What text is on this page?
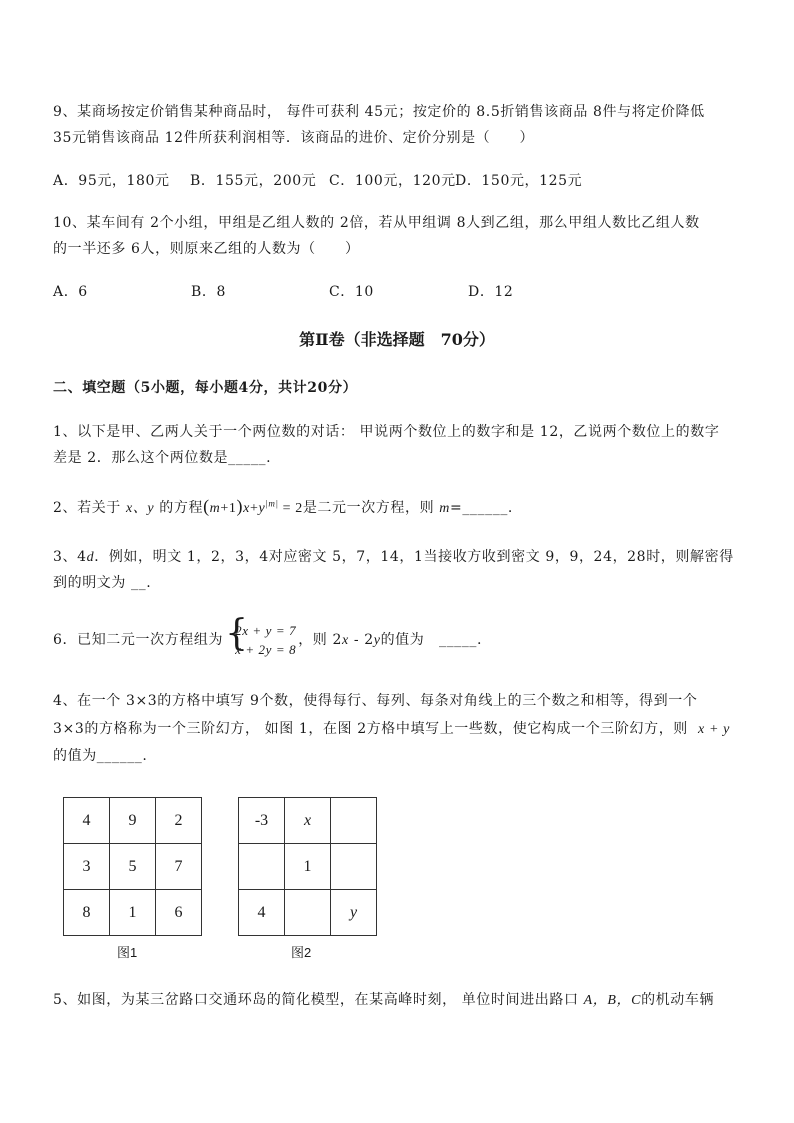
9、某商场按定价销售某种商品时， 每件可获利 45元；按定价的 8.5折销售该商品 8件与将定价降低
35元销售该商品 12件所获利润相等．该商品的进价、定价分别是（　　）
A．95元，180元 B．155元，200元 C．100元，120元D．150元，125元
10、某车间有 2个小组，甲组是乙组人数的 2倍，若从甲组调 8人到乙组，那么甲组人数比乙组人数
的一半还多 6人，则原来乙组的人数为（　　）
A．6	B．8	C．10	D．12
第Ⅱ卷（非选择题　70分）
二、填空题（5小题，每小题4分，共计20分）
1、以下是甲、乙两人关于一个两位数的对话： 甲说两个数位上的数字和是 12，乙说两个数位上的数字
差是 2．那么这个两位数是_____.
2、若关于 x、y 的方程$(m+1)x+y^{|m|} = 2$是二元一次方程，则 m=______.
3、4d．例如，明文 1，2，3，4对应密文 5，7，14，1当接收方收到密文 9，9，24，28时，则解密得
到的明文为 __.
6．已知二元一次方程组为 {
2x + y = 7
x + 2y = 8
，则 2x - 2y的值为　_____.
4、在一个 3×3的方格中填写 9个数，使得每行、每列、每条对角线上的三个数之和相等，得到一个
3×3的方格称为一个三阶幻方， 如图 1，在图 2方格中填写上一些数，使它构成一个三阶幻方，则 x + y
的值为______.
4	9	2
3	5	7
8	1	6
图1
-3	x	
	1	
4		y
图2
5、如图，为某三岔路口交通环岛的简化模型，在某高峰时刻， 单位时间进出路口 A，B，C的机动车辆
